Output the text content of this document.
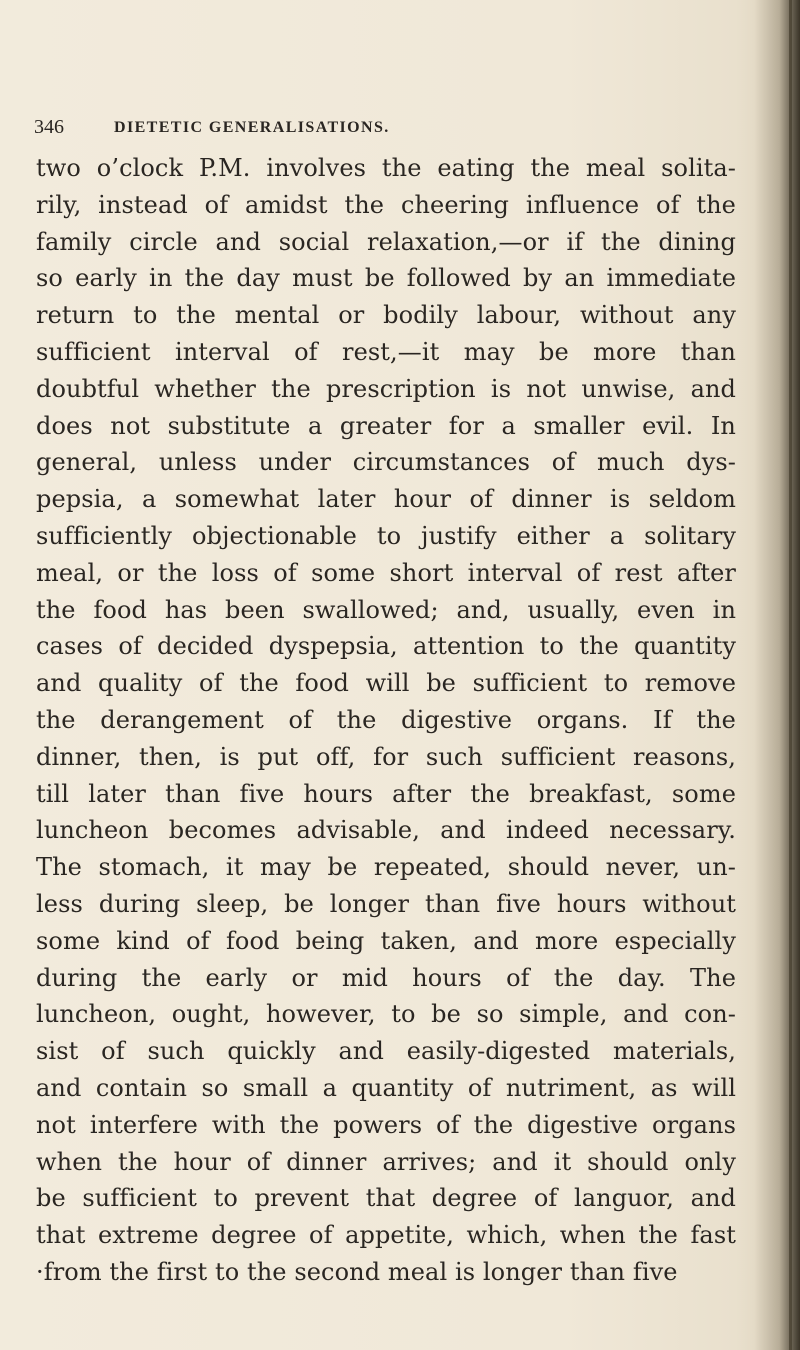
346	DIETETIC GENERALISATIONS.
two o’clock P.M. involves the eating the meal solita-
rily, instead of amidst the cheering influence of the
family circle and social relaxation,—or if the dining
so early in the day must be followed by an immediate
return to the mental or bodily labour, without any
sufficient interval of rest,—it may be more than
doubtful whether the prescription is not unwise, and
does not substitute a greater for a smaller evil. In
general, unless under circumstances of much dys-
pepsia, a somewhat later hour of dinner is seldom
sufficiently objectionable to justify either a solitary
meal, or the loss of some short interval of rest after
the food has been swallowed; and, usually, even in
cases of decided dyspepsia, attention to the quantity
and quality of the food will be sufficient to remove
the derangement of the digestive organs. If the
dinner, then, is put off, for such sufficient reasons,
till later than five hours after the breakfast, some
luncheon becomes advisable, and indeed necessary.
The stomach, it may be repeated, should never, un-
less during sleep, be longer than five hours without
some kind of food being taken, and more especially
during the early or mid hours of the day. The
luncheon, ought, however, to be so simple, and con-
sist of such quickly and easily-digested materials,
and contain so small a quantity of nutriment, as will
not interfere with the powers of the digestive organs
when the hour of dinner arrives; and it should only
be sufficient to prevent that degree of languor, and
that extreme degree of appetite, which, when the fast
·from the first to the second meal is longer than five
